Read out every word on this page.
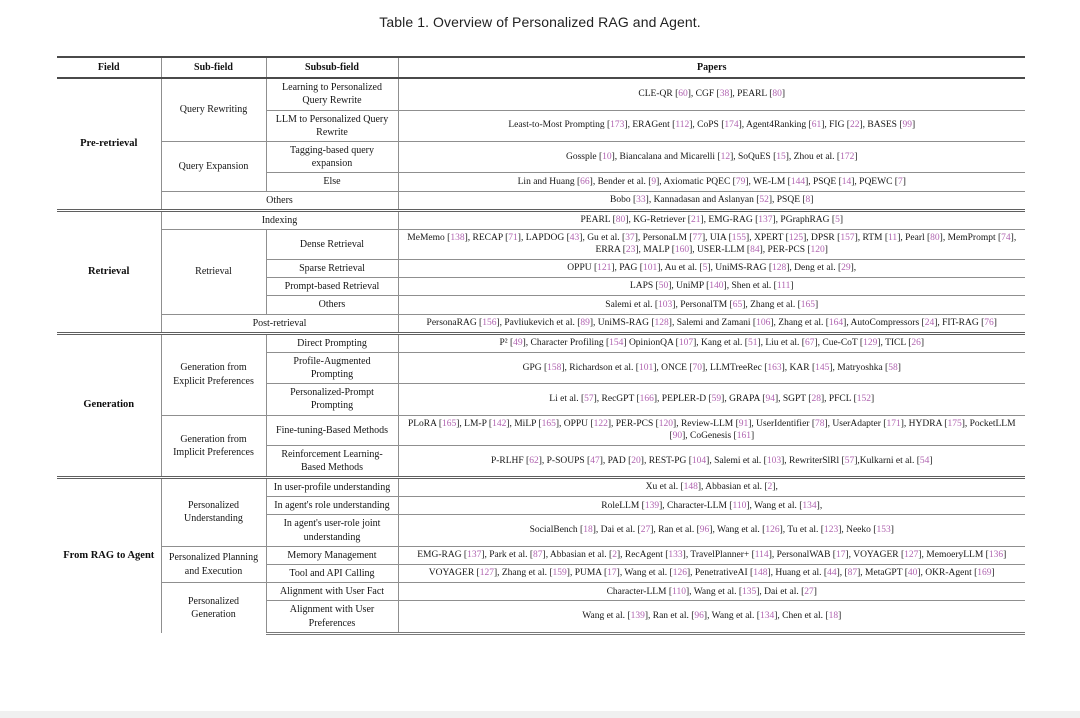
Table 1. Overview of Personalized RAG and Agent.
Field	Sub-field	Subsub-field	Papers
Pre-retrieval	Query Rewriting	Learning to Personalized Query Rewrite	CLE-QR [60], CGF [38], PEARL [80]
		LLM to Personalized Query Rewrite	Least-to-Most Prompting [173], ERAGent [112], CoPS [174], Agent4Ranking [61], FIG [22], BASES [99]
	Query Expansion	Tagging-based query expansion	Gossple [10], Biancalana and Micarelli [12], SoQuES [15], Zhou et al. [172]
		Else	Lin and Huang [66], Bender et al. [9], Axiomatic PQEC [79], WE-LM [144], PSQE [14], PQEWC [7]
	Others		Bobo [33], Kannadasan and Aslanyan [52], PSQE [8]
Retrieval	Indexing		PEARL [80], KG-Retriever [21], EMG-RAG [137], PGraphRAG [5]
	Retrieval	Dense Retrieval	MeMemo [138], RECAP [71], LAPDOG [43], Gu et al. [37], PersonaLM [77], UIA [155], XPERT [125], DPSR [157], RTM [11], Pearl [80], MemPrompt [74], ERRA [23], MALP [160], USER-LLM [84], PER-PCS [120]
		Sparse Retrieval	OPPU [121], PAG [101], Au et al. [5], UniMS-RAG [128], Deng et al. [29],
		Prompt-based Retrieval	LAPS [50], UniMP [140], Shen et al. [111]
		Others	Salemi et al. [103], PersonalTM [65], Zhang et al. [165]
	Post-retrieval		PersonaRAG [156], Pavliukevich et al. [89], UniMS-RAG [128], Salemi and Zamani [106], Zhang et al. [164], AutoCompressors [24], FIT-RAG [76]
Generation	Generation from Explicit Preferences	Direct Prompting	P² [49], Character Profiling [154] OpinionQA [107], Kang et al. [51], Liu et al. [67], Cue-CoT [129], TICL [26]
		Profile-Augmented Prompting	GPG [158], Richardson et al. [101], ONCE [70], LLMTreeRec [163], KAR [145], Matryoshka [58]
		Personalized-Prompt Prompting	Li et al. [57], RecGPT [166], PEPLER-D [59], GRAPA [94], SGPT [28], PFCL [152]
	Generation from Implicit Preferences	Fine-tuning-Based Methods	PLoRA [165], LM-P [142], MiLP [165], OPPU [122], PER-PCS [120], Review-LLM [91], UserIdentifier [78], UserAdapter [171], HYDRA [175], PocketLLM [90], CoGenesis [161]
		Reinforcement Learning-Based Methods	P-RLHF [62], P-SOUPS [47], PAD [20], REST-PG [104], Salemi et al. [103], RewriterSlRl [57],Kulkarni et al. [54]
From RAG to Agent	Personalized Understanding	In user-profile understanding	Xu et al. [148], Abbasian et al. [2],
		In agent's role understanding	RoleLLM [139], Character-LLM [110], Wang et al. [134],
		In agent's user-role joint understanding	SocialBench [18], Dai et al. [27], Ran et al. [96], Wang et al. [126], Tu et al. [123], Neeko [153]
	Personalized Planning and Execution	Memory Management	EMG-RAG [137], Park et al. [87], Abbasian et al. [2], RecAgent [133], TravelPlanner+ [114], PersonalWAB [17], VOYAGER [127], MemoeryLLM [136]
		Tool and API Calling	VOYAGER [127], Zhang et al. [159], PUMA [17], Wang et al. [126], PenetrativeAI [148], Huang et al. [44], [87], MetaGPT [40], OKR-Agent [169]
	Personalized Generation	Alignment with User Fact	Character-LLM [110], Wang et al. [135], Dai et al. [27]
		Alignment with User Preferences	Wang et al. [139], Ran et al. [96], Wang et al. [134], Chen et al. [18]
